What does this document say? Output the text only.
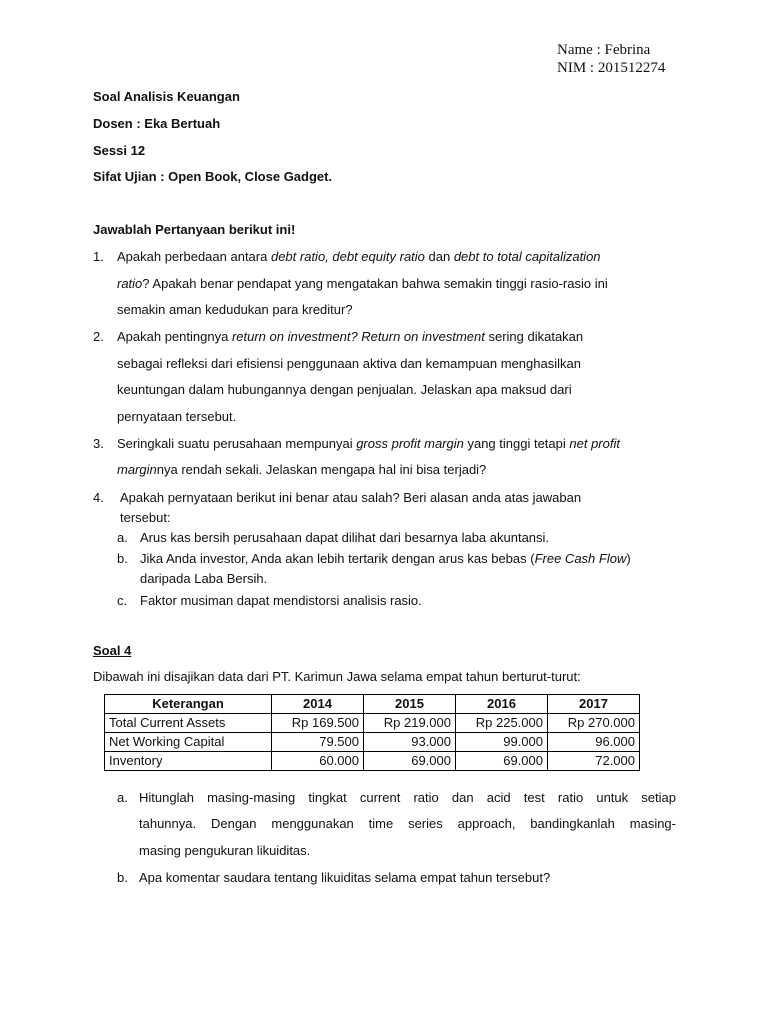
Name : Febrina
NIM : 201512274
Soal Analisis Keuangan
Dosen : Eka Bertuah
Sessi 12
Sifat Ujian : Open Book, Close Gadget.
Jawablah Pertanyaan berikut ini!
1. Apakah perbedaan antara debt ratio, debt equity ratio dan debt to total capitalization
ratio? Apakah benar pendapat yang mengatakan bahwa semakin tinggi rasio-rasio ini
semakin aman kedudukan para kreditur?
2. Apakah pentingnya return on investment? Return on investment sering dikatakan
sebagai refleksi dari efisiensi penggunaan aktiva dan kemampuan menghasilkan
keuntungan dalam hubungannya dengan penjualan. Jelaskan apa maksud dari
pernyataan tersebut.
3. Seringkali suatu perusahaan mempunyai gross profit margin yang tinggi tetapi net profit
marginnya rendah sekali. Jelaskan mengapa hal ini bisa terjadi?
4. Apakah pernyataan berikut ini benar atau salah? Beri alasan anda atas jawaban
tersebut:
a. Arus kas bersih perusahaan dapat dilihat dari besarnya laba akuntansi.
b. Jika Anda investor, Anda akan lebih tertarik dengan arus kas bebas (Free Cash Flow)
daripada Laba Bersih.
c. Faktor musiman dapat mendistorsi analisis rasio.
Soal 4
Dibawah ini disajikan data dari PT. Karimun Jawa selama empat tahun berturut-turut:
Keterangan	2014	2015	2016	2017
Total Current Assets	Rp 169.500	Rp 219.000	Rp 225.000	Rp 270.000
Net Working Capital	79.500	93.000	99.000	96.000
Inventory	60.000	69.000	69.000	72.000
a. Hitunglah masing-masing tingkat current ratio dan acid test ratio untuk setiap
tahunnya. Dengan menggunakan time series approach, bandingkanlah masing-
masing pengukuran likuiditas.
b. Apa komentar saudara tentang likuiditas selama empat tahun tersebut?
